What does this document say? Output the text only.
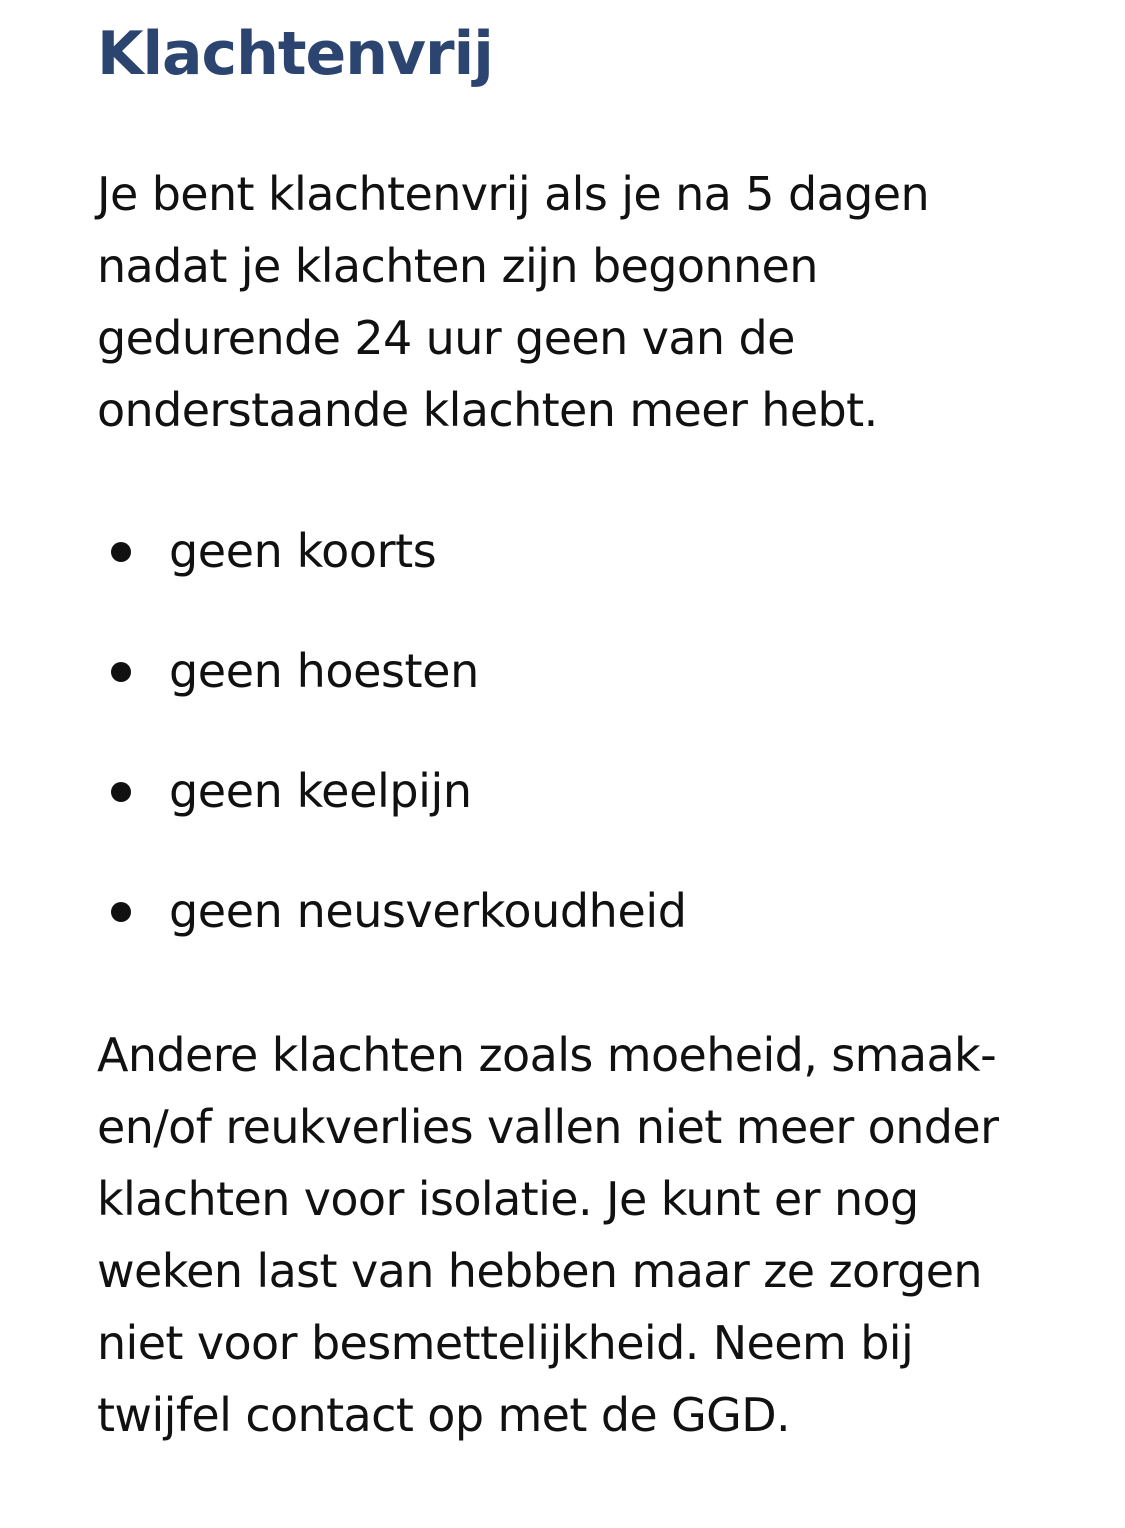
Klachtenvrij

Je bent klachtenvrij als je na 5 dagen
nadat je klachten zijn begonnen
gedurende 24 uur geen van de
onderstaande klachten meer hebt.

geen koorts
geen hoesten
geen keelpijn
geen neusverkoudheid

Andere klachten zoals moeheid, smaak-
en/of reukverlies vallen niet meer onder
klachten voor isolatie. Je kunt er nog
weken last van hebben maar ze zorgen
niet voor besmettelijkheid. Neem bij
twijfel contact op met de GGD.
